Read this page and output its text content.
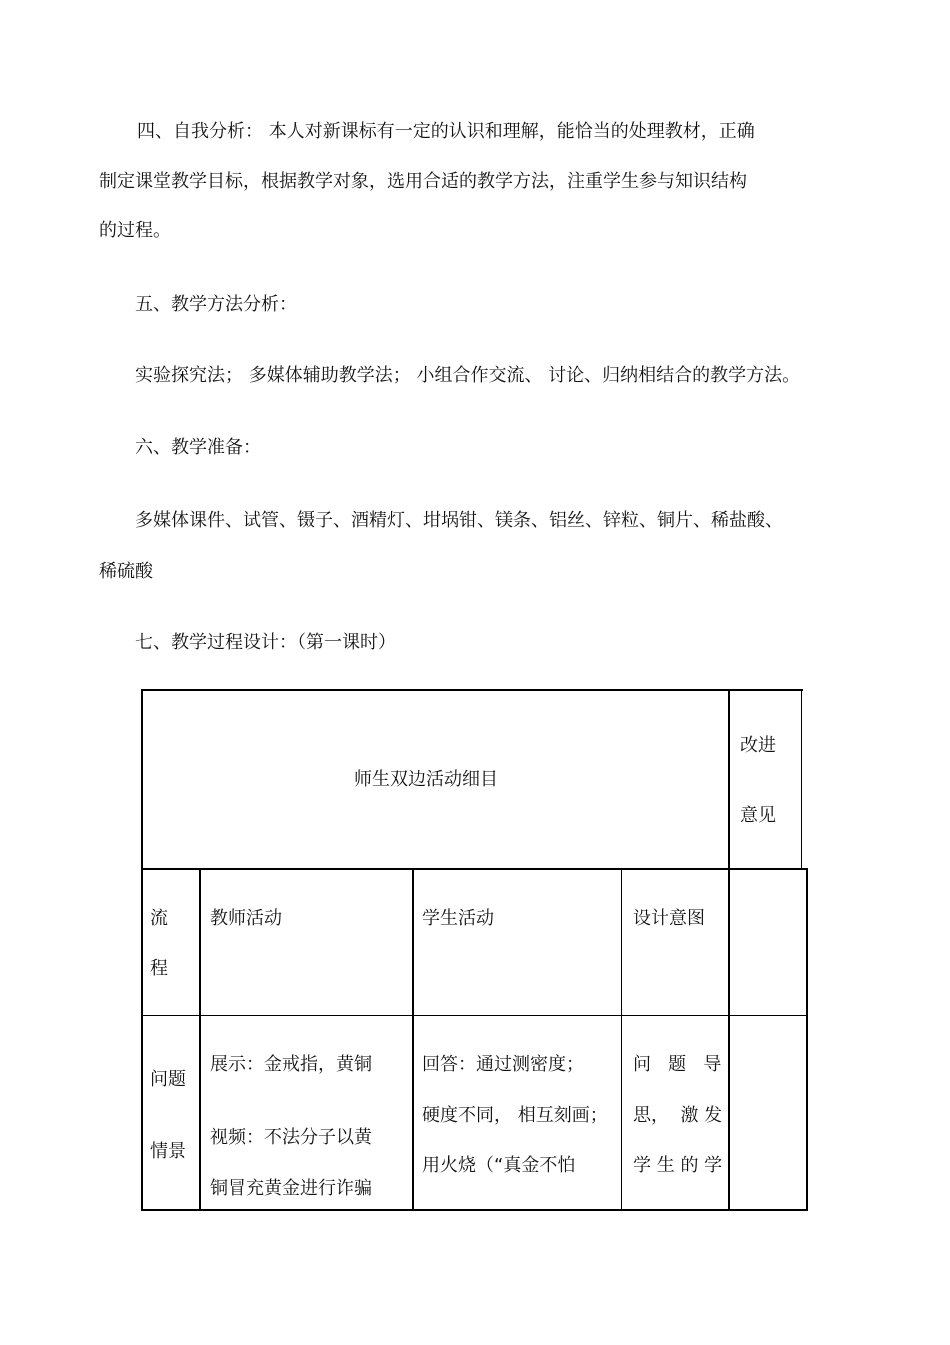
四、自我分析： 本人对新课标有一定的认识和理解，能恰当的处理教材，正确
制定课堂教学目标，根据教学对象，选用合适的教学方法，注重学生参与知识结构
的过程。
五、教学方法分析：
实验探究法； 多媒体辅助教学法； 小组合作交流、 讨论、归纳相结合的教学方法。
六、教学准备：
多媒体课件、试管、镊子、酒精灯、坩埚钳、镁条、铝丝、锌粒、铜片、稀盐酸、
稀硫酸
七、教学过程设计：（第一课时）
师生双边活动细目
改进
意见
流
程
教师活动	学生活动	设计意图
问题
情景
展示：金戒指，黄铜
视频：不法分子以黄
铜冒充黄金进行诈骗
回答：通过测密度；
硬度不同， 相互刻画；
用火烧（“真金不怕
问   题   导
思，  激 发
学 生 的 学
